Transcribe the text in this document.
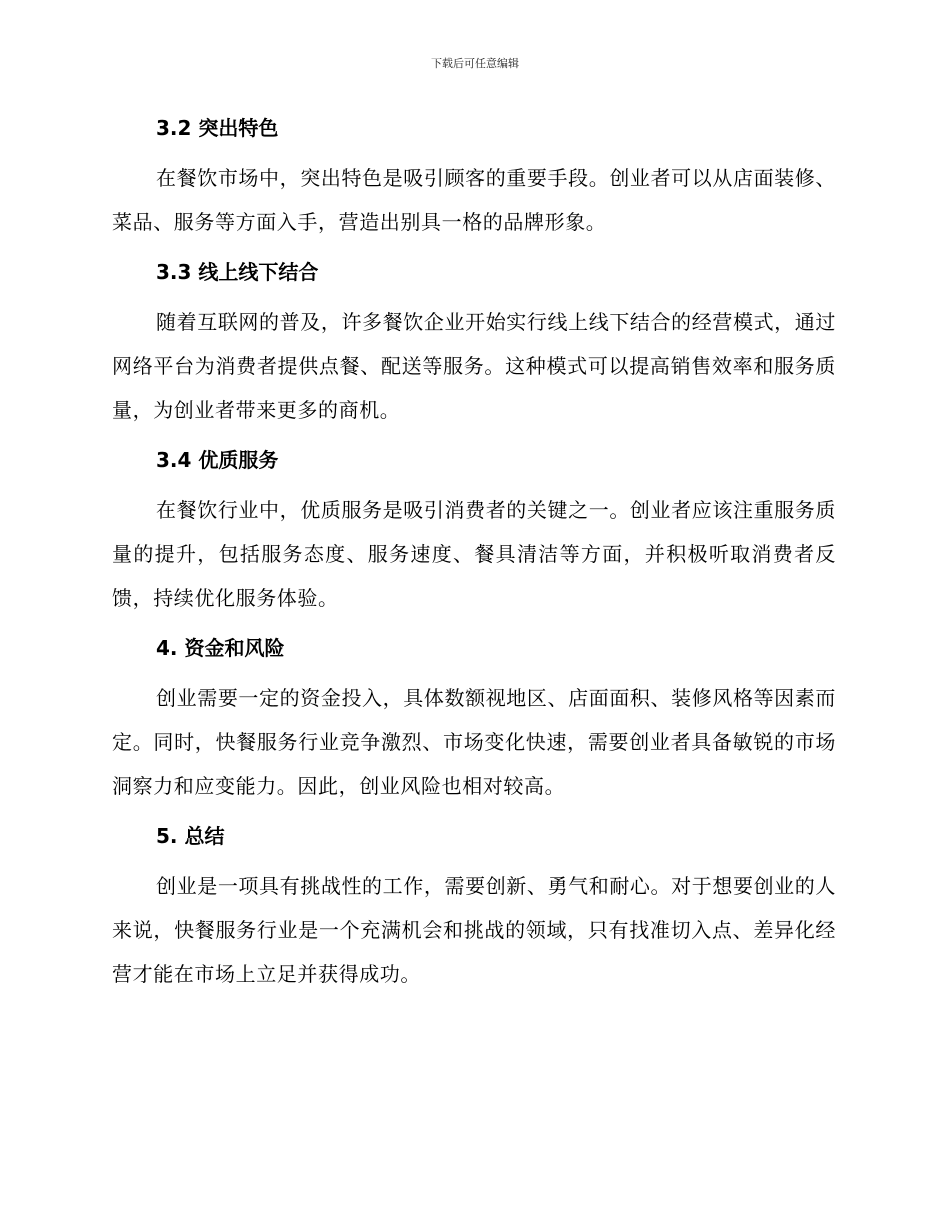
下载后可任意编辑
3.2 突出特色

在餐饮市场中，突出特色是吸引顾客的重要手段。创业者可以从店面装修、菜品、服务等方面入手，营造出别具一格的品牌形象。

3.3 线上线下结合

随着互联网的普及，许多餐饮企业开始实行线上线下结合的经营模式，通过网络平台为消费者提供点餐、配送等服务。这种模式可以提高销售效率和服务质量，为创业者带来更多的商机。

3.4 优质服务

在餐饮行业中，优质服务是吸引消费者的关键之一。创业者应该注重服务质量的提升，包括服务态度、服务速度、餐具清洁等方面，并积极听取消费者反馈，持续优化服务体验。

4. 资金和风险

创业需要一定的资金投入，具体数额视地区、店面面积、装修风格等因素而定。同时，快餐服务行业竞争激烈、市场变化快速，需要创业者具备敏锐的市场洞察力和应变能力。因此，创业风险也相对较高。

5. 总结

创业是一项具有挑战性的工作，需要创新、勇气和耐心。对于想要创业的人来说，快餐服务行业是一个充满机会和挑战的领域，只有找准切入点、差异化经营才能在市场上立足并获得成功。
